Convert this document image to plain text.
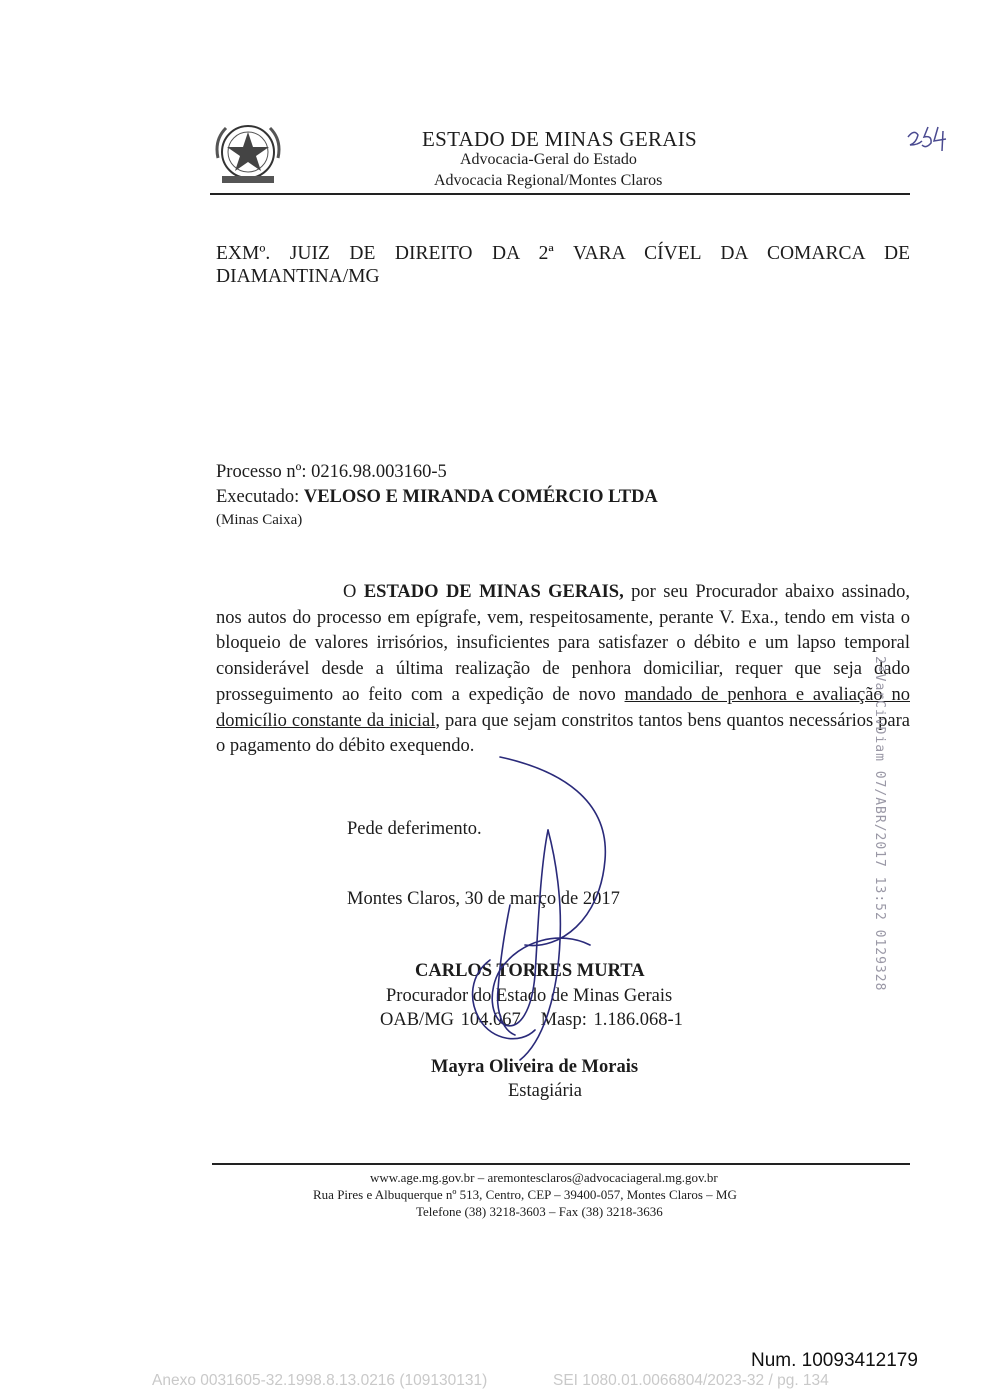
ESTADO DE MINAS GERAIS
Advocacia-Geral do Estado
Advocacia Regional/Montes Claros
EXMº. JUIZ DE DIREITO DA 2ª VARA CÍVEL DA COMARCA DE
DIAMANTINA/MG
Processo nº: 0216.98.003160-5
Executado: VELOSO E MIRANDA COMÉRCIO LTDA
(Minas Caixa)
O ESTADO DE MINAS GERAIS, por seu Procurador abaixo assinado, nos autos do processo em epígrafe, vem, respeitosamente, perante V. Exa., tendo em vista o bloqueio de valores irrisórios, insuficientes para satisfazer o débito e um lapso temporal considerável desde a última realização de penhora domiciliar, requer que seja dado prosseguimento ao feito com a expedição de novo mandado de penhora e avaliação no domicílio constante da inicial, para que sejam constritos tantos bens quantos necessários para o pagamento do débito exequendo.
Pede deferimento.
Montes Claros, 30 de março de 2017
CARLOS TORRES MURTA
Procurador do Estado de Minas Gerais
OAB/MG 104.067 Masp: 1.186.068-1
Mayra Oliveira de Morais
Estagiária
2ªVarCivDiam 07/ABR/2017 13:52 0129328
www.age.mg.gov.br – aremontesclaros@advocaciageral.mg.gov.br
Rua Pires e Albuquerque nº 513, Centro, CEP – 39400-057, Montes Claros – MG
Telefone (38) 3218-3603 – Fax (38) 3218-3636
Num. 10093412179
Anexo 0031605-32.1998.8.13.0216 (109130131)	SEI 1080.01.0066804/2023-32 / pg. 134
